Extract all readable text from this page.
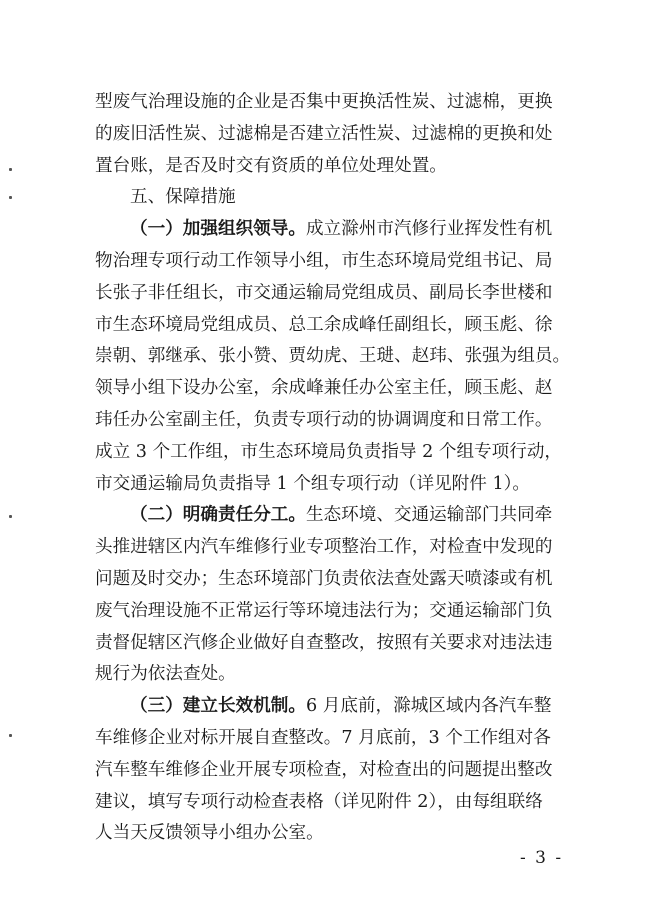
型废气治理设施的企业是否集中更换活性炭、过滤棉，更换
的废旧活性炭、过滤棉是否建立活性炭、过滤棉的更换和处
置台账，是否及时交有资质的单位处理处置。
五、保障措施
（一）加强组织领导。成立滁州市汽修行业挥发性有机
物治理专项行动工作领导小组，市生态环境局党组书记、局
长张子非任组长，市交通运输局党组成员、副局长李世楼和
市生态环境局党组成员、总工余成峰任副组长，顾玉彪、徐
崇朝、郭继承、张小赞、贾幼虎、王琎、赵玮、张强为组员。
领导小组下设办公室，余成峰兼任办公室主任，顾玉彪、赵
玮任办公室副主任，负责专项行动的协调调度和日常工作。
成立 3 个工作组，市生态环境局负责指导 2 个组专项行动，
市交通运输局负责指导 1 个组专项行动（详见附件 1）。
（二）明确责任分工。生态环境、交通运输部门共同牵
头推进辖区内汽车维修行业专项整治工作，对检查中发现的
问题及时交办；生态环境部门负责依法查处露天喷漆或有机
废气治理设施不正常运行等环境违法行为；交通运输部门负
责督促辖区汽修企业做好自查整改，按照有关要求对违法违
规行为依法查处。
（三）建立长效机制。6 月底前，滁城区域内各汽车整
车维修企业对标开展自查整改。7 月底前，3 个工作组对各
汽车整车维修企业开展专项检查，对检查出的问题提出整改
建议，填写专项行动检查表格（详见附件 2），由每组联络
人当天反馈领导小组办公室。
- 3 -
